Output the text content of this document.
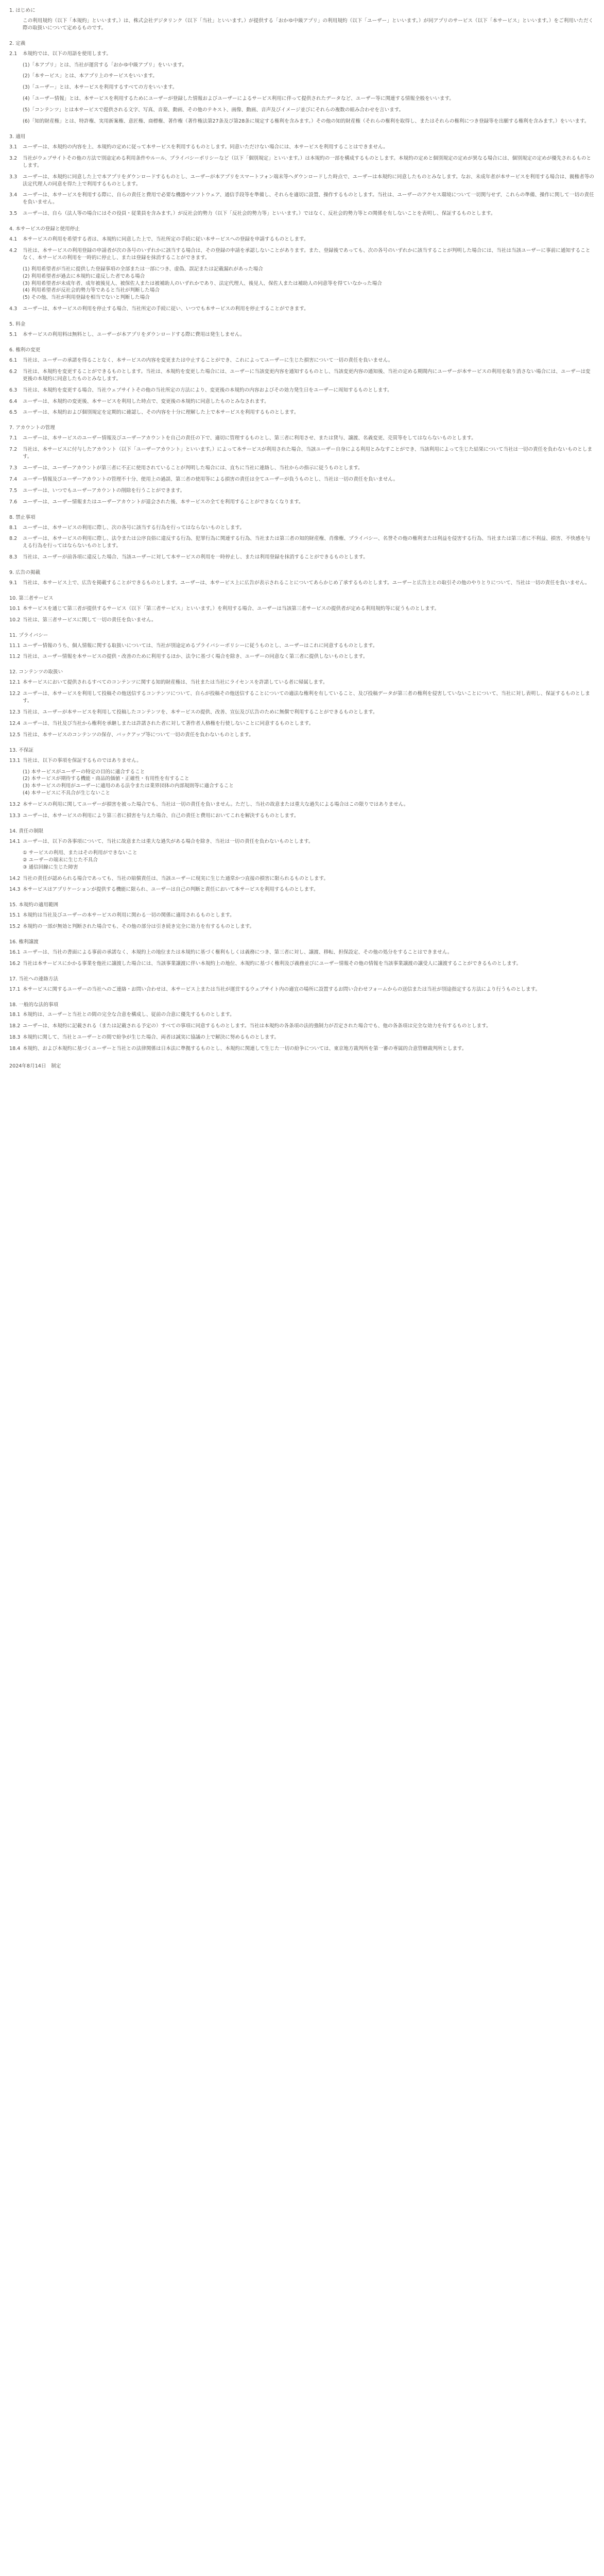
1. はじめに
この利用規約（以下「本規約」といいます。）は、株式会社デジタリンク（以下「当社」といいます。）が提供する「おかゆ中級アプリ」の利用規約（以下「ユーザー」といいます。）が同アプリのサービス（以下「本サービス」といいます。）をご利用いただく際の取扱いについて定めるものです。
2. 定義
2.1	本規約では、以下の用語を使用します。
(1)「本アプリ」とは、当社が運営する「おかゆ中級アプリ」をいいます。
(2)「本サービス」とは、本アプリ上のサービスをいいます。
(3)「ユーザー」とは、本サービスを利用するすべての方をいいます。
(4)「ユーザー情報」とは、本サービスを利用するためにユーザーが登録した情報およびユーザーによるサービス利用に伴って提供されたデータなど、ユーザー等に関連する情報全般をいいます。
(5)「コンテンツ」とは本サービスで提供される文字、写真、音楽、動画、その他のテキスト、画像、動画、音声及びイメージ並びにそれらの複数の組み合わせを言います。
(6)「知的財産権」とは、特許権、実用新案権、意匠権、商標権、著作権（著作権法第27条及び第28条に規定する権利を含みます。）その他の知的財産権（それらの権利を取得し、またはそれらの権利につき登録等を出願する権利を含みます。）をいいます。
3. 適用
3.1	ユーザーは、本規約の内容を上、本規約の定めに従って本サービスを利用するものとします。同意いただけない場合には、本サービスを利用することはできません。
3.2	当社がウェブサイトその他の方法で別途定める利用条件やルール、プライバシーポリシーなど（以下「個別規定」といいます。）は本規約の一部を構成するものとします。本規約の定めと個別規定の定めが異なる場合には、個別規定の定めが優先されるものとします。
3.3	ユーザーは、本規約に同意した上で本アプリをダウンロードするものとし、ユーザーが本アプリをスマートフォン端末等へダウンロードした時点で、ユーザーは本規約に同意したものとみなします。なお、未成年者が本サービスを利用する場合は、親権者等の法定代理人の同意を得た上で利用するものとします。
3.4	ユーザーは、本サービスを利用する際に、自らの責任と費用で必要な機器やソフトウェア、通信手段等を準備し、それらを適切に設置、操作するものとします。当社は、ユーザーのアクセス環境について一切関与せず、これらの準備、操作に関して一切の責任を負いません。
3.5	ユーザーは、自ら（法人等の場合にはその役員・従業員を含みます。）が反社会的勢力（以下「反社会的勢力等」といいます。）ではなく、反社会的勢力等との関係を有しないことを表明し、保証するものとします。
4. 本サービスの登録と使用停止
4.1	本サービスの利用を希望する者は、本規約に同意した上で、当社所定の手続に従い本サービスへの登録を申請するものとします。
4.2	当社は、本サービスの利用登録の申請者が次の各号のいずれかに該当する場合は、その登録の申請を承認しないことがあります。また、登録後であっても、次の各号のいずれかに該当することが判明した場合には、当社は当該ユーザーに事前に通知することなく、本サービスの利用を一時的に停止し、または登録を抹消することができます。
(1) 利用希望者が当社に提供した登録事項の全部または一部につき、虚偽、誤記または記載漏れがあった場合
(2) 利用希望者が過去に本規約に違反した者である場合
(3) 利用希望者が未成年者、成年被後見人、被保佐人または被補助人のいずれかであり、法定代理人、後見人、保佐人または補助人の同意等を得ていなかった場合
(4) 利用希望者が反社会的勢力等であると当社が判断した場合
(5) その他、当社が利用登録を相当でないと判断した場合
4.3	ユーザーは、本サービスの利用を停止する場合、当社所定の手続に従い、いつでも本サービスの利用を停止することができます。
5. 料金
5.1	本サービスの利用料は無料とし、ユーザーが本アプリをダウンロードする際に費用は発生しません。
6. 権利の変更
6.1	当社は、ユーザーの承諾を得ることなく、本サービスの内容を変更または中止することができ、これによってユーザーに生じた損害について一切の責任を負いません。
6.2	当社は、本規約を変更することができるものとします。当社は、本規約を変更した場合には、ユーザーに当該変更内容を通知するものとし、当該変更内容の通知後、当社の定める期間内にユーザーが本サービスの利用を取り消さない場合には、ユーザーは変更後の本規約に同意したものとみなします。
6.3	当社は、本規約を変更する場合、当社ウェブサイトその他の当社所定の方法により、変更後の本規約の内容およびその効力発生日をユーザーに周知するものとします。
6.4	ユーザーは、本規約の変更後、本サービスを利用した時点で、変更後の本規約に同意したものとみなされます。
6.5	ユーザーは、本規約および個別規定を定期的に確認し、その内容を十分に理解した上で本サービスを利用するものとします。
7. アカウントの管理
7.1	ユーザーは、本サービスのユーザー情報及びユーザーアカウントを自己の責任の下で、適切に管理するものとし、第三者に利用させ、または貸与、譲渡、名義変更、売買等をしてはならないものとします。
7.2	当社は、本サービスに付与したアカウント（以下「ユーザーアカウント」といいます。）によって本サービスが利用された場合、当該ユーザー自身による利用とみなすことができ、当該利用によって生じた結果について当社は一切の責任を負わないものとします。
7.3	ユーザーは、ユーザーアカウントが第三者に不正に使用されていることが判明した場合には、直ちに当社に連絡し、当社からの指示に従うものとします。
7.4	ユーザー情報及びユーザーアカウントの管理不十分、使用上の過誤、第三者の使用等による損害の責任は全てユーザーが負うものとし、当社は一切の責任を負いません。
7.5	ユーザーは、いつでもユーザーアカウントの削除を行うことができます。
7.6	ユーザーは、ユーザー情報またはユーザーアカウントが退会された後、本サービスの全てを利用することができなくなります。
8. 禁止事項
8.1	ユーザーは、本サービスの利用に際し、次の各号に該当する行為を行ってはならないものとします。
8.2	ユーザーは、本サービスの利用に際し、法令または公序良俗に違反する行為、犯罪行為に関連する行為、当社または第三者の知的財産権、肖像権、プライバシー、名誉その他の権利または利益を侵害する行為、当社または第三者に不利益、損害、不快感を与える行為を行ってはならないものとします。
8.3	当社は、ユーザーが前各項に違反した場合、当該ユーザーに対して本サービスの利用を一時停止し、または利用登録を抹消することができるものとします。
9. 広告の掲載
9.1	当社は、本サービス上で、広告を掲載することができるものとします。ユーザーは、本サービス上に広告が表示されることについてあらかじめ了承するものとします。ユーザーと広告主との取引その他のやりとりについて、当社は一切の責任を負いません。
10. 第三者サービス
10.1 本サービスを通じて第三者が提供するサービス（以下「第三者サービス」といいます。）を利用する場合、ユーザーは当該第三者サービスの提供者が定める利用規約等に従うものとします。
10.2 当社は、第三者サービスに関して一切の責任を負いません。
11. プライバシー
11.1 ユーザー情報のうち、個人情報に関する取扱いについては、当社が別途定めるプライバシーポリシーに従うものとし、ユーザーはこれに同意するものとします。
11.2 当社は、ユーザー情報を本サービスの提供・改善のために利用するほか、法令に基づく場合を除き、ユーザーの同意なく第三者に提供しないものとします。
12. コンテンツの取扱い
12.1 本サービスにおいて提供されるすべてのコンテンツに関する知的財産権は、当社または当社にライセンスを許諾している者に帰属します。
12.2 ユーザーは、本サービスを利用して投稿その他送信するコンテンツについて、自らが投稿その他送信することについての適法な権利を有していること、及び投稿データが第三者の権利を侵害していないことについて、当社に対し表明し、保証するものとします。
12.3 当社は、ユーザーが本サービスを利用して投稿したコンテンツを、本サービスの提供、改善、宣伝及び広告のために無償で利用することができるものとします。
12.4 ユーザーは、当社及び当社から権利を承継しまたは許諾された者に対して著作者人格権を行使しないことに同意するものとします。
12.5 当社は、本サービスのコンテンツの保存、バックアップ等について一切の責任を負わないものとします。
13. 不保証
13.1 当社は、以下の事項を保証するものではありません。
(1) 本サービスがユーザーの特定の目的に適合すること
(2) 本サービスが期待する機能・商品的価値・正確性・有用性を有すること
(3) 本サービスの利用がユーザーに適用のある法令または業界団体の内部規則等に適合すること
(4) 本サービスに不具合が生じないこと
13.2 本サービスの利用に関してユーザーが損害を被った場合でも、当社は一切の責任を負いません。ただし、当社の故意または重大な過失による場合はこの限りではありません。
13.3 ユーザーは、本サービスの利用により第三者に損害を与えた場合、自己の責任と費用においてこれを解決するものとします。
14. 責任の制限
14.1 ユーザーは、以下の各事項について、当社に故意または重大な過失がある場合を除き、当社は一切の責任を負わないものとします。
① サービスの利用、またはその利用ができないこと
② ユーザーの端末に生じた不具合
③ 通信回線に生じた障害
14.2 当社の責任が認められる場合であっても、当社の賠償責任は、当該ユーザーに現実に生じた通常かつ直接の損害に限られるものとします。
14.3 本サービスはアプリケーションが提供する機能に限られ、ユーザーは自己の判断と責任において本サービスを利用するものとします。
15. 本規約の適用範囲
15.1 本規約は当社及びユーザーの本サービスの利用に関わる一切の関係に適用されるものとします。
15.2 本規約の一部が無効と判断された場合でも、その他の部分は引き続き完全に効力を有するものとします。
16. 権利譲渡
16.1 ユーザーは、当社の書面による事前の承諾なく、本規約上の地位または本規約に基づく権利もしくは義務につき、第三者に対し、譲渡、移転、担保設定、その他の処分をすることはできません。
16.2 当社は本サービスにかかる事業を他社に譲渡した場合には、当該事業譲渡に伴い本規約上の地位、本規約に基づく権利及び義務並びにユーザー情報その他の情報を当該事業譲渡の譲受人に譲渡することができるものとします。
17. 当社への連絡方法
17.1 本サービスに関するユーザーの当社へのご連絡・お問い合わせは、本サービス上または当社が運営するウェブサイト内の適宜の場所に設置するお問い合わせフォームからの送信または当社が別途指定する方法により行うものとします。
18. 一般的な法的事項
18.1 本規約は、ユーザーと当社との間の完全な合意を構成し、従前の合意に優先するものとします。
18.2 ユーザーは、本規約に記載される（または記載される予定の）すべての事項に同意するものとします。当社は本規約の各条項の法的強制力が否定された場合でも、他の各条項は完全な効力を有するものとします。
18.3 本規約に関して、当社とユーザーとの間で紛争が生じた場合、両者は誠実に協議の上で解決に努めるものとします。
18.4 本規約、および本規約に基づくユーザーと当社との法律関係は日本法に準拠するものとし、本規約に関連して生じた一切の紛争については、東京地方裁判所を第一審の専属的合意管轄裁判所とします。
2024年8月14日　制定
